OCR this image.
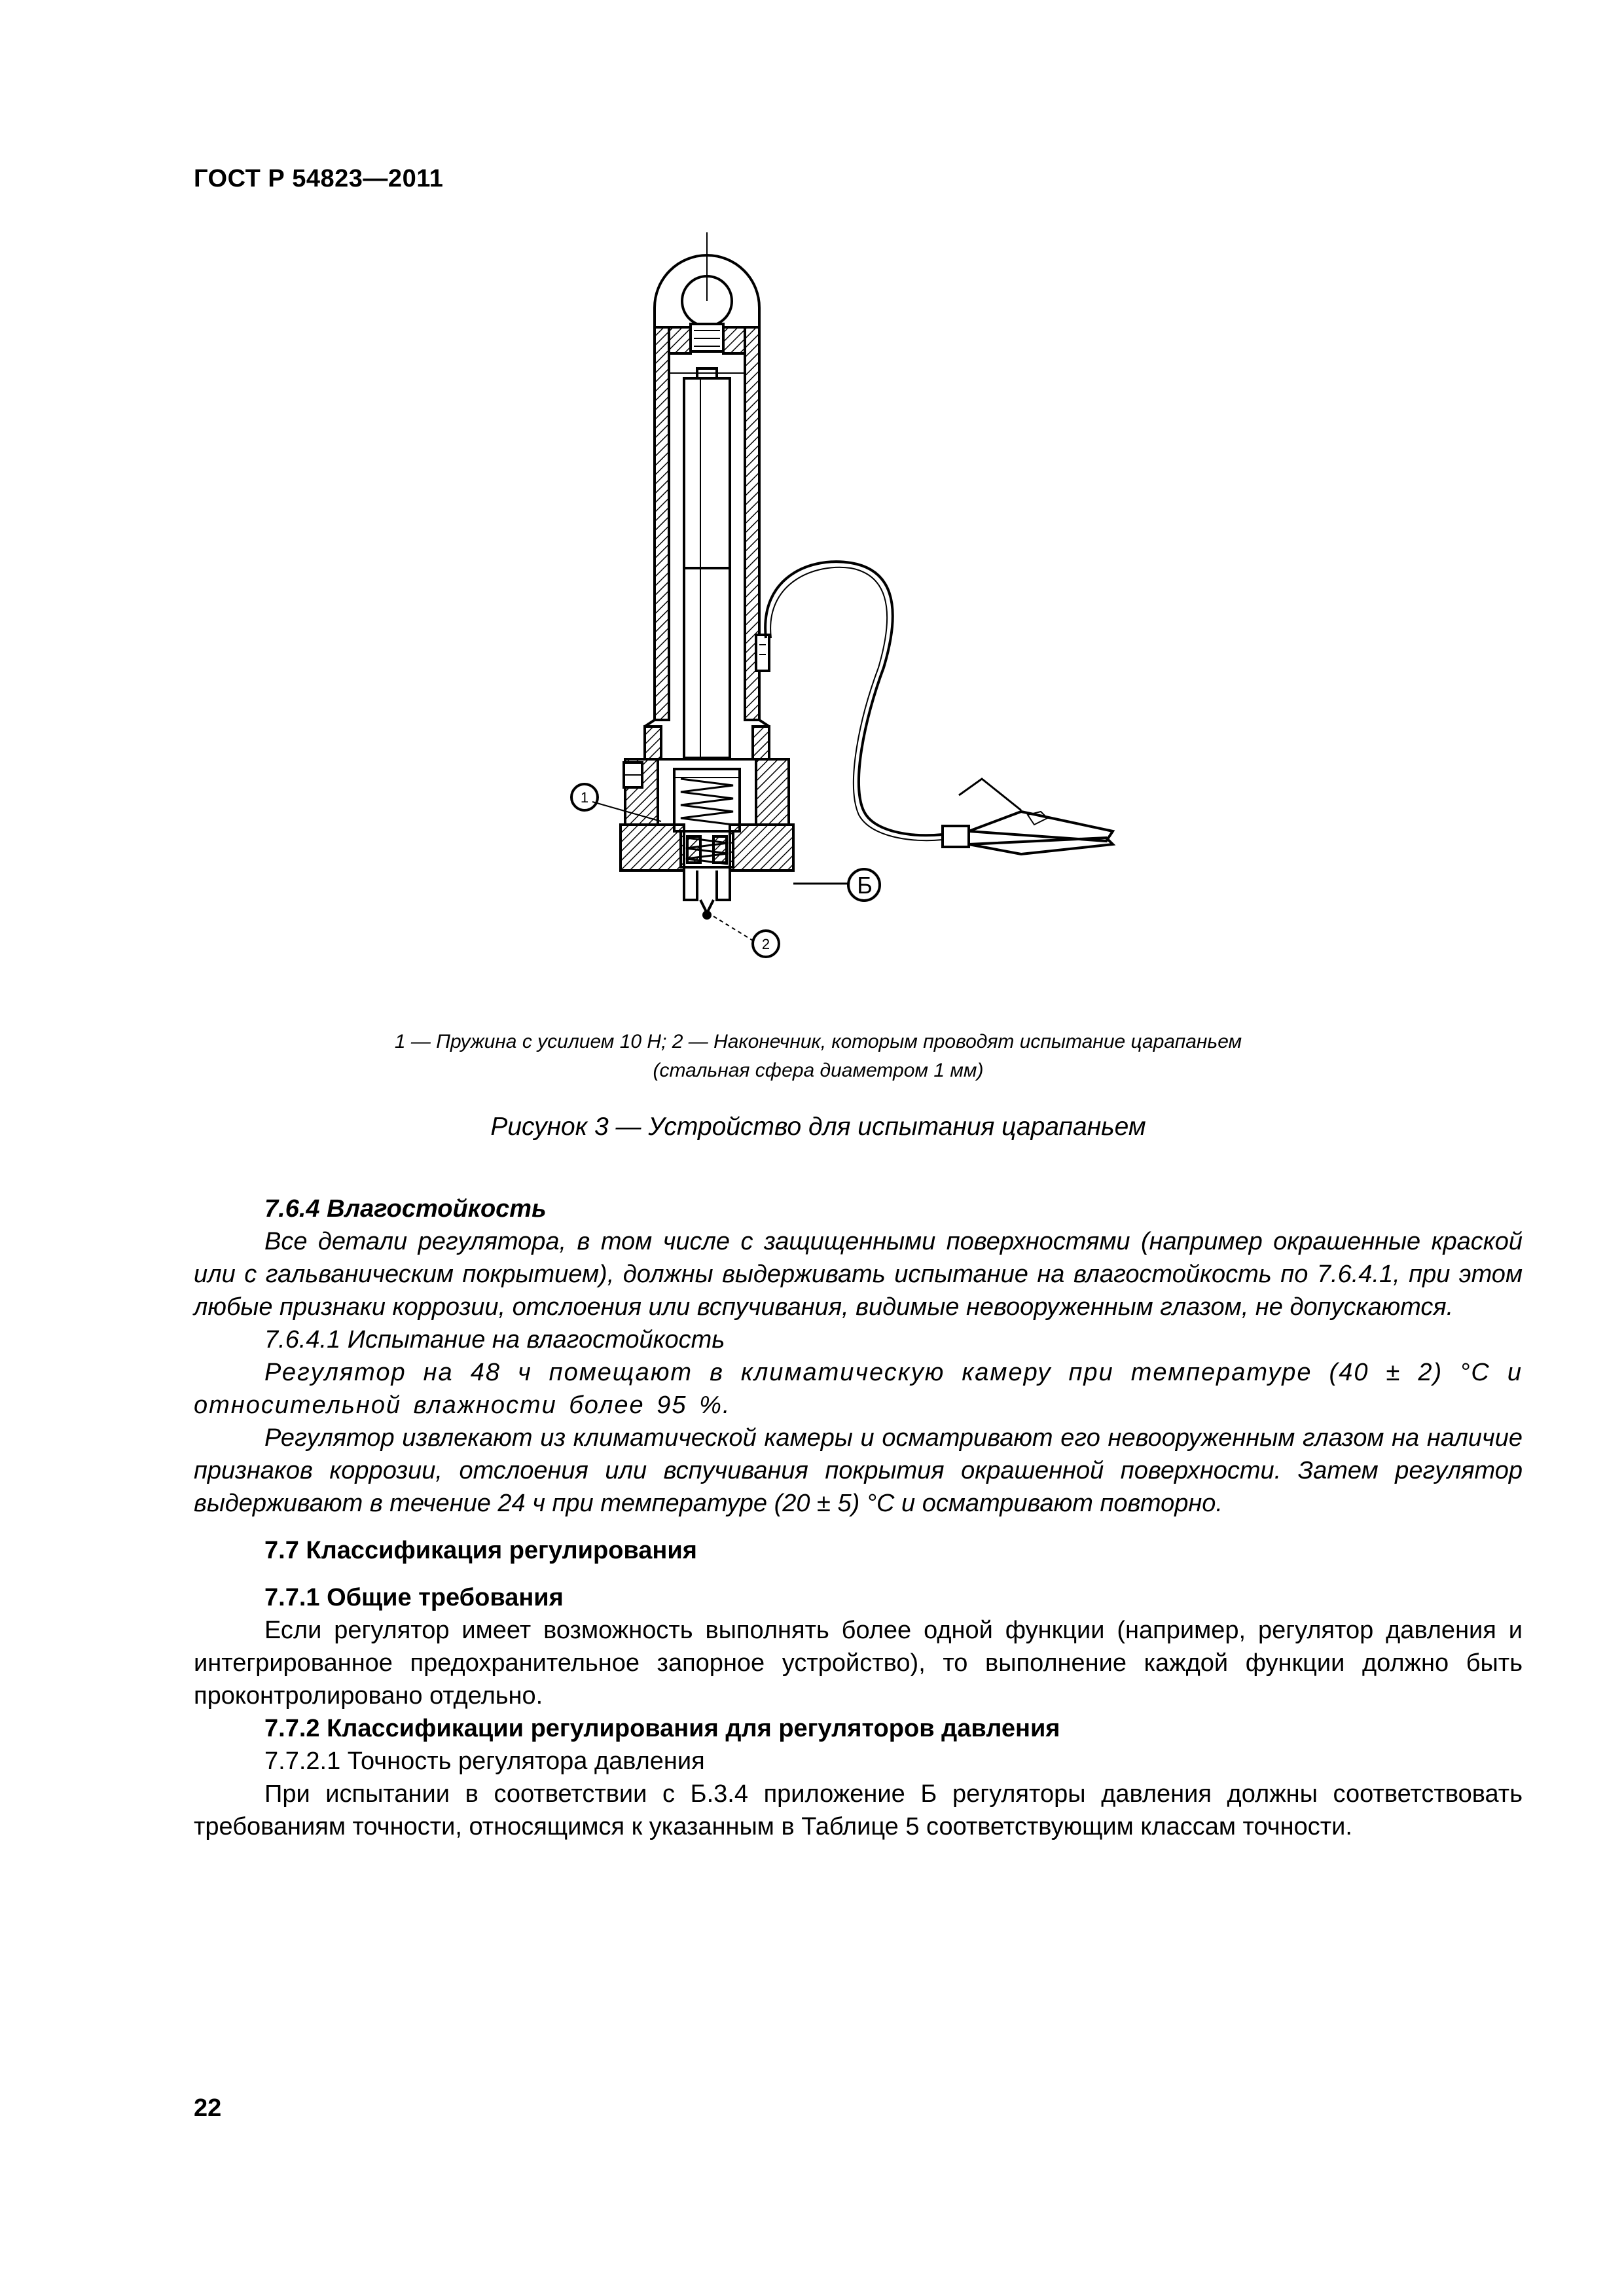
ГОСТ Р 54823—2011
1
2
Б
1 — Пружина с усилием 10 Н; 2 — Наконечник, которым проводят испытание царапаньем
(стальная сфера диаметром 1 мм)
Рисунок 3 — Устройство для испытания царапаньем

7.6.4 Влагостойкость

Все детали регулятора, в том числе с защищенными поверхностями (например окрашенные краской или с гальваническим покрытием), должны выдерживать испытание на влагостойкость по 7.6.4.1, при этом любые признаки коррозии, отслоения или вспучивания, видимые невооруженным глазом, не допускаются.

7.6.4.1 Испытание на влагостойкость

Регулятор на 48 ч помещают в климатическую камеру при температуре (40 ± 2) °С и относительной влажности более 95 %.

Регулятор извлекают из климатической камеры и осматривают его невооруженным глазом на наличие признаков коррозии, отслоения или вспучивания покрытия окрашенной поверхности. Затем регулятор выдерживают в течение 24 ч при температуре (20 ± 5) °С и осматривают повторно.

7.7 Классификация регулирования

7.7.1 Общие требования

Если регулятор имеет возможность выполнять более одной функции (например, регулятор давления и интегрированное предохранительное запорное устройство), то выполнение каждой функции должно быть проконтролировано отдельно.

7.7.2 Классификации регулирования для регуляторов давления

7.7.2.1 Точность регулятора давления

При испытании в соответствии с Б.3.4 приложение Б регуляторы давления должны соответствовать требованиям точности, относящимся к указанным в Таблице 5 соответствующим классам точности.

22
